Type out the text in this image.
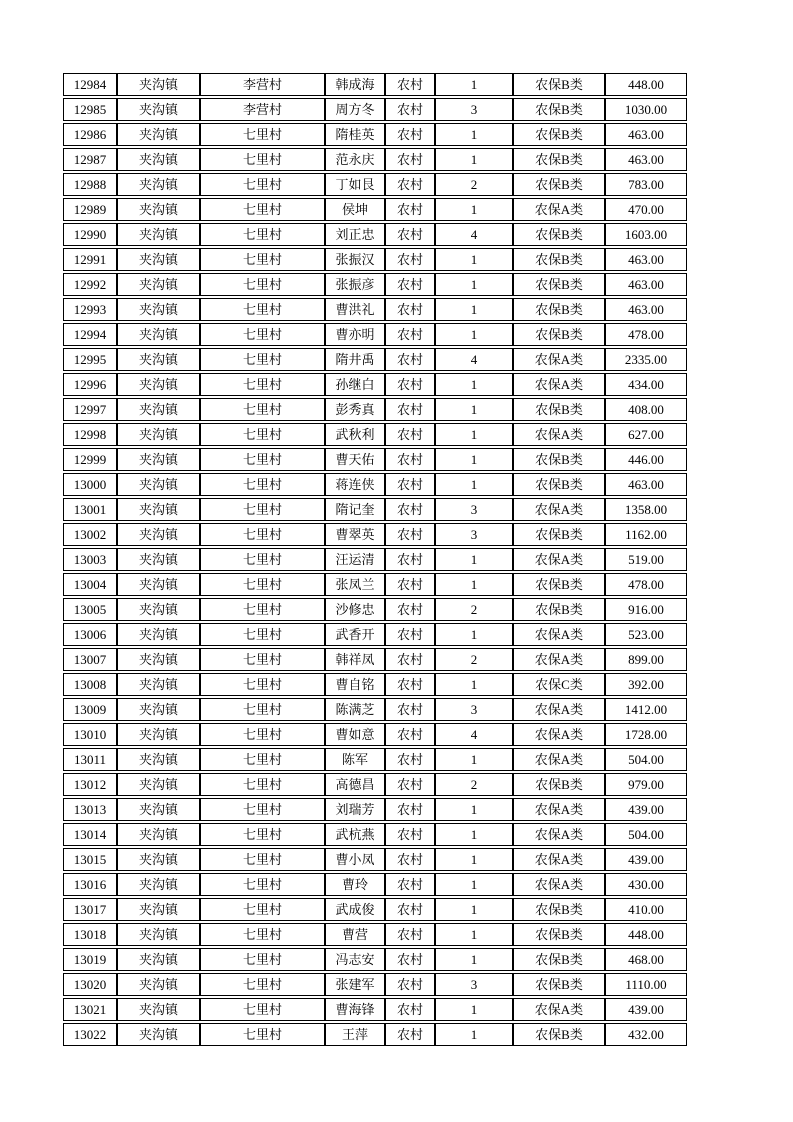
12984	夹沟镇	李营村	韩成海	农村	1	农保B类	448.00
12985	夹沟镇	李营村	周方冬	农村	3	农保B类	1030.00
12986	夹沟镇	七里村	隋桂英	农村	1	农保B类	463.00
12987	夹沟镇	七里村	范永庆	农村	1	农保B类	463.00
12988	夹沟镇	七里村	丁如艮	农村	2	农保B类	783.00
12989	夹沟镇	七里村	侯坤	农村	1	农保A类	470.00
12990	夹沟镇	七里村	刘正忠	农村	4	农保B类	1603.00
12991	夹沟镇	七里村	张振汉	农村	1	农保B类	463.00
12992	夹沟镇	七里村	张振彦	农村	1	农保B类	463.00
12993	夹沟镇	七里村	曹洪礼	农村	1	农保B类	463.00
12994	夹沟镇	七里村	曹亦明	农村	1	农保B类	478.00
12995	夹沟镇	七里村	隋井禹	农村	4	农保A类	2335.00
12996	夹沟镇	七里村	孙继白	农村	1	农保A类	434.00
12997	夹沟镇	七里村	彭秀真	农村	1	农保B类	408.00
12998	夹沟镇	七里村	武秋利	农村	1	农保A类	627.00
12999	夹沟镇	七里村	曹天佑	农村	1	农保B类	446.00
13000	夹沟镇	七里村	蒋连侠	农村	1	农保B类	463.00
13001	夹沟镇	七里村	隋记奎	农村	3	农保A类	1358.00
13002	夹沟镇	七里村	曹翠英	农村	3	农保B类	1162.00
13003	夹沟镇	七里村	汪运清	农村	1	农保A类	519.00
13004	夹沟镇	七里村	张凤兰	农村	1	农保B类	478.00
13005	夹沟镇	七里村	沙修忠	农村	2	农保B类	916.00
13006	夹沟镇	七里村	武香开	农村	1	农保A类	523.00
13007	夹沟镇	七里村	韩祥凤	农村	2	农保A类	899.00
13008	夹沟镇	七里村	曹自铭	农村	1	农保C类	392.00
13009	夹沟镇	七里村	陈满芝	农村	3	农保A类	1412.00
13010	夹沟镇	七里村	曹如意	农村	4	农保A类	1728.00
13011	夹沟镇	七里村	陈军	农村	1	农保A类	504.00
13012	夹沟镇	七里村	高德昌	农村	2	农保B类	979.00
13013	夹沟镇	七里村	刘瑞芳	农村	1	农保A类	439.00
13014	夹沟镇	七里村	武杭燕	农村	1	农保A类	504.00
13015	夹沟镇	七里村	曹小凤	农村	1	农保A类	439.00
13016	夹沟镇	七里村	曹玲	农村	1	农保A类	430.00
13017	夹沟镇	七里村	武成俊	农村	1	农保B类	410.00
13018	夹沟镇	七里村	曹营	农村	1	农保B类	448.00
13019	夹沟镇	七里村	冯志安	农村	1	农保B类	468.00
13020	夹沟镇	七里村	张建军	农村	3	农保B类	1110.00
13021	夹沟镇	七里村	曹海锋	农村	1	农保A类	439.00
13022	夹沟镇	七里村	王萍	农村	1	农保B类	432.00
